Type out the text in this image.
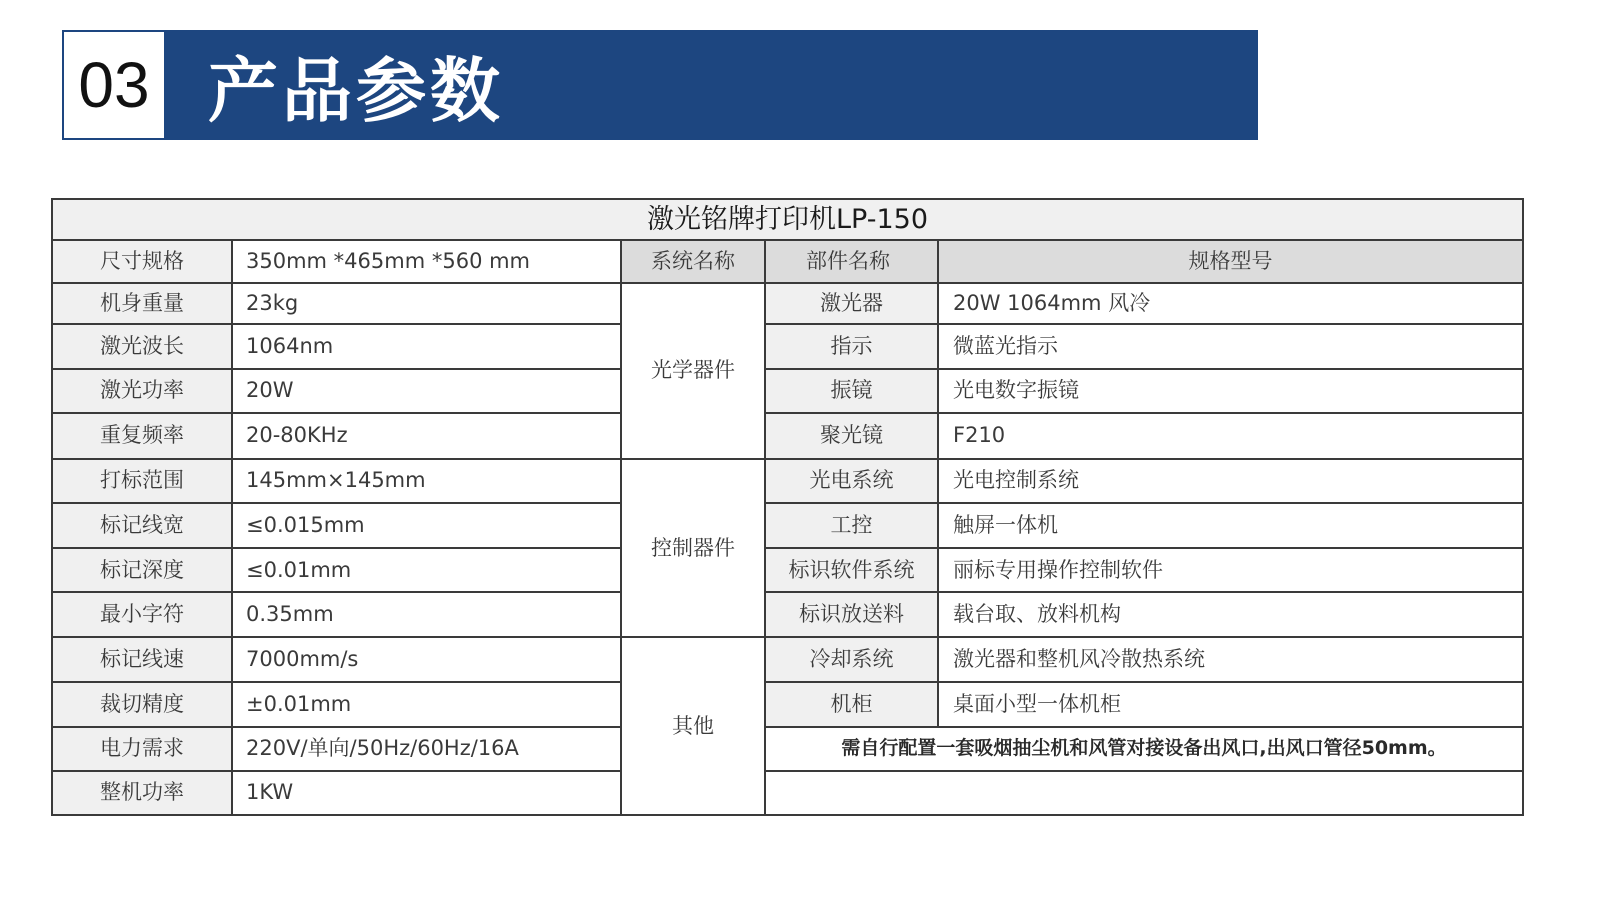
03 产品参数
激光铭牌打印机LP-150				
尺寸规格	350mm *465mm *560 mm	系统名称	部件名称	规格型号
机身重量	23kg	光学器件	激光器	20W 1064mm 风冷
激光波长	1064nm		指示	微蓝光指示
激光功率	20W		振镜	光电数字振镜
重复频率	20-80KHz		聚光镜	F210
打标范围	145mm×145mm	控制器件	光电系统	光电控制系统
标记线宽	≤0.015mm		工控	触屏一体机
标记深度	≤0.01mm		标识软件系统	丽标专用操作控制软件
最小字符	0.35mm		标识放送料	载台取、放料机构
标记线速	7000mm/s	其他	冷却系统	激光器和整机风冷散热系统
裁切精度	±0.01mm		机柜	桌面小型一体机柜
电力需求	220V/单向/50Hz/60Hz/16A		需自行配置一套吸烟抽尘机和风管对接设备出风口,出风口管径50mm。	
整机功率	1KW			
